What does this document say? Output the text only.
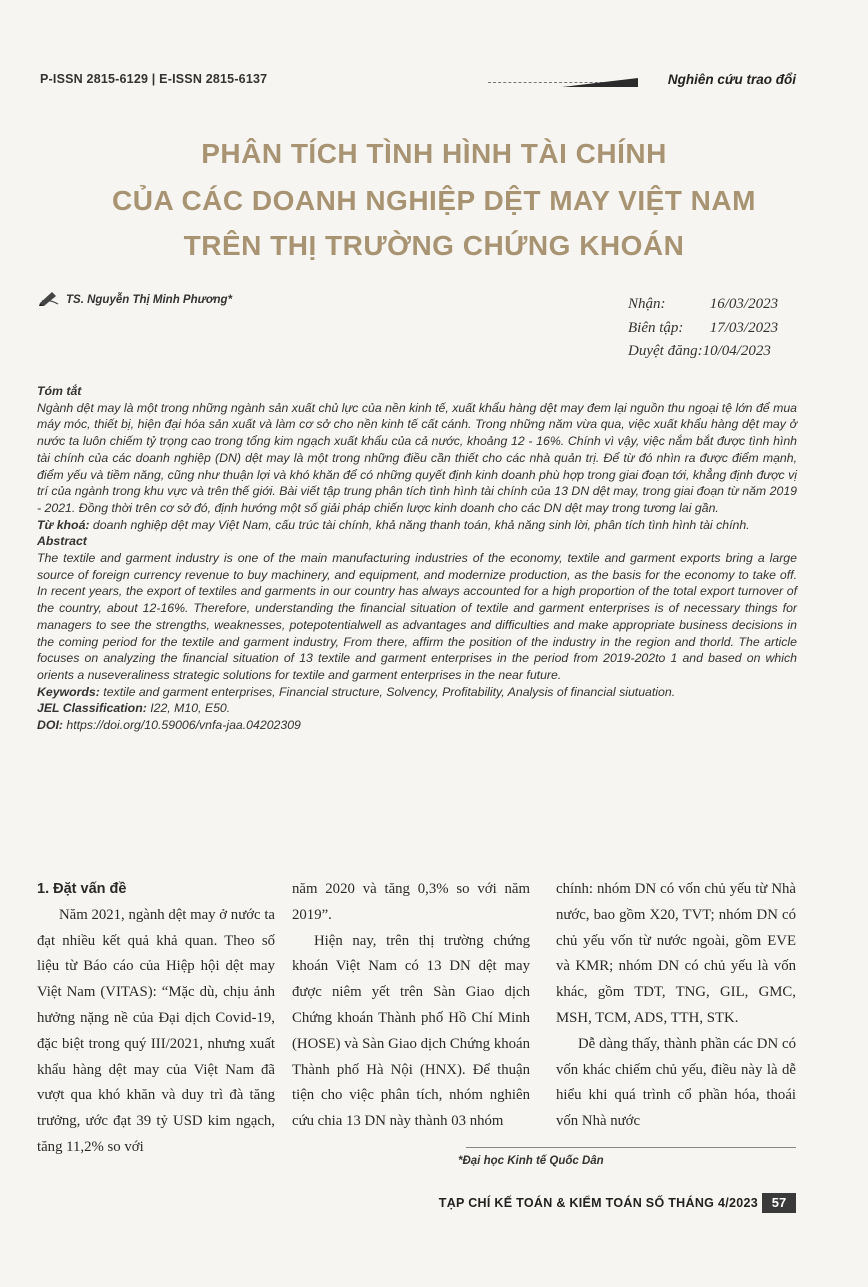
P-ISSN 2815-6129 | E-ISSN 2815-6137	Nghiên cứu trao đổi
PHÂN TÍCH TÌNH HÌNH TÀI CHÍNH
CỦA CÁC DOANH NGHIỆP DỆT MAY VIỆT NAM
TRÊN THỊ TRƯỜNG CHỨNG KHOÁN
TS. Nguyễn Thị Minh Phương*	Nhận:	16/03/2023
Biên tập: 17/03/2023
Duyệt đăng:10/04/2023
Tóm tắt

Ngành dệt may là một trong những ngành sản xuất chủ lực của nền kinh tế, xuất khẩu hàng dệt may đem lại nguồn thu ngoại tệ lớn để mua máy móc, thiết bị, hiện đại hóa sản xuất và làm cơ sở cho nền kinh tế cất cánh. Trong những năm vừa qua, việc xuất khẩu hàng dệt may ở nước ta luôn chiếm tỷ trọng cao trong tổng kim ngạch xuất khẩu của cả nước, khoảng 12 - 16%. Chính vì vậy, việc nắm bắt được tình hình tài chính của các doanh nghiệp (DN) dệt may là một trong những điều cần thiết cho các nhà quản trị. Để từ đó nhìn ra được điểm mạnh, điểm yếu và tiềm năng, cũng như thuận lợi và khó khăn để có những quyết định kinh doanh phù hợp trong giai đoạn tới, khẳng định được vị trí của ngành trong khu vực và trên thế giới. Bài viết tập trung phân tích tình hình tài chính của 13 DN dệt may, trong giai đoạn từ năm 2019 - 2021. Đồng thời trên cơ sở đó, định hướng một số giải pháp chiến lược kinh doanh cho các DN dệt may trong tương lai gần.

Từ khoá: doanh nghiệp dệt may Việt Nam, cấu trúc tài chính, khả năng thanh toán, khả năng sinh lời, phân tích tình hình tài chính.

Abstract

The textile and garment industry is one of the main manufacturing industries of the economy, textile and garment exports bring a large source of foreign currency revenue to buy machinery, and equipment, and modernize production, as the basis for the economy to take off. In recent years, the export of textiles and garments in our country has always accounted for a high proportion of the total export turnover of the country, about 12-16%. Therefore, understanding the financial situation of textile and garment enterprises is of necessary things for managers to see the strengths, weaknesses, potepotentialwell as advantages and difficulties and make appropriate business decisions in the coming period for the textile and garment industry, From there, affirm the position of the industry in the region and thorld. The article focuses on analyzing the financial situation of 13 textile and garment enterprises in the period from 2019-202to 1 and based on which orients a nuseveraliness strategic solutions for textile and garment enterprises in the near future.

Keywords: textile and garment enterprises, Financial structure, Solvency, Profitability, Analysis of financial siutuation.

JEL Classification: I22, M10, E50.

DOI: https://doi.org/10.59006/vnfa-jaa.04202309

1. Đặt vấn đề
Năm 2021, ngành dệt may ở nước ta đạt nhiều kết quả khả quan. Theo số liệu từ Báo cáo của Hiệp hội dệt may Việt Nam (VITAS): “Mặc dù, chịu ảnh hưởng nặng nề của Đại dịch Covid-19, đặc biệt trong quý III/2021, nhưng xuất khẩu hàng dệt may của Việt Nam đã vượt qua khó khăn và duy trì đà tăng trưởng, ước đạt 39 tỷ USD kim ngạch, tăng 11,2% so với
năm 2020 và tăng 0,3% so với năm 2019”.
Hiện nay, trên thị trường chứng khoán Việt Nam có 13 DN dệt may được niêm yết trên Sàn Giao dịch Chứng khoán Thành phố Hồ Chí Minh (HOSE) và Sàn Giao dịch Chứng khoán Thành phố Hà Nội (HNX). Để thuận tiện cho việc phân tích, nhóm nghiên cứu chia 13 DN này thành 03 nhóm
chính: nhóm DN có vốn chủ yếu từ Nhà nước, bao gồm X20, TVT; nhóm DN có chủ yếu vốn từ nước ngoài, gồm EVE và KMR; nhóm DN có chủ yếu là vốn khác, gồm TDT, TNG, GIL, GMC, MSH, TCM, ADS, TTH, STK.
Dễ dàng thấy, thành phần các DN có vốn khác chiếm chủ yếu, điều này là dễ hiểu khi quá trình cổ phần hóa, thoái vốn Nhà nước
*Đại học Kinh tế Quốc Dân
TẠP CHÍ KẾ TOÁN & KIỂM TOÁN SỐ THÁNG 4/2023	57
